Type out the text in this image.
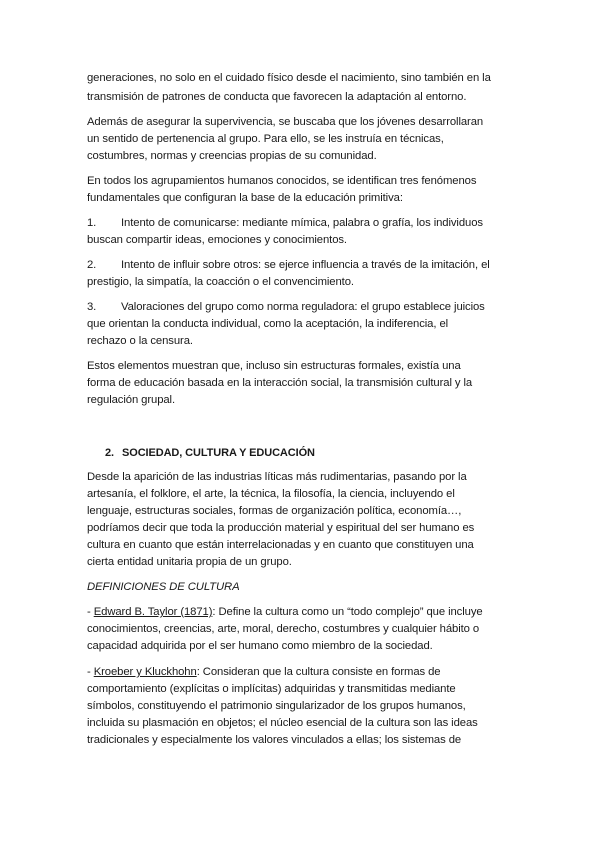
generaciones, no solo en el cuidado físico desde el nacimiento, sino también en la
transmisión de patrones de conducta que favorecen la adaptación al entorno.
Además de asegurar la supervivencia, se buscaba que los jóvenes desarrollaran
un sentido de pertenencia al grupo. Para ello, se les instruía en técnicas,
costumbres, normas y creencias propias de su comunidad.
En todos los agrupamientos humanos conocidos, se identifican tres fenómenos
fundamentales que configuran la base de la educación primitiva:
1. Intento de comunicarse: mediante mímica, palabra o grafía, los individuos
buscan compartir ideas, emociones y conocimientos.
2. Intento de influir sobre otros: se ejerce influencia a través de la imitación, el
prestigio, la simpatía, la coacción o el convencimiento.
3. Valoraciones del grupo como norma reguladora: el grupo establece juicios
que orientan la conducta individual, como la aceptación, la indiferencia, el
rechazo o la censura.
Estos elementos muestran que, incluso sin estructuras formales, existía una
forma de educación basada en la interacción social, la transmisión cultural y la
regulación grupal.
2. SOCIEDAD, CULTURA Y EDUCACIÓN
Desde la aparición de las industrias líticas más rudimentarias, pasando por la
artesanía, el folklore, el arte, la técnica, la filosofía, la ciencia, incluyendo el
lenguaje, estructuras sociales, formas de organización política, economía…,
podríamos decir que toda la producción material y espiritual del ser humano es
cultura en cuanto que están interrelacionadas y en cuanto que constituyen una
cierta entidad unitaria propia de un grupo.
DEFINICIONES DE CULTURA
- Edward B. Taylor (1871): Define la cultura como un “todo complejo” que incluye
conocimientos, creencias, arte, moral, derecho, costumbres y cualquier hábito o
capacidad adquirida por el ser humano como miembro de la sociedad.
- Kroeber y Kluckhohn: Consideran que la cultura consiste en formas de
comportamiento (explícitas o implícitas) adquiridas y transmitidas mediante
símbolos, constituyendo el patrimonio singularizador de los grupos humanos,
incluida su plasmación en objetos; el núcleo esencial de la cultura son las ideas
tradicionales y especialmente los valores vinculados a ellas; los sistemas de
